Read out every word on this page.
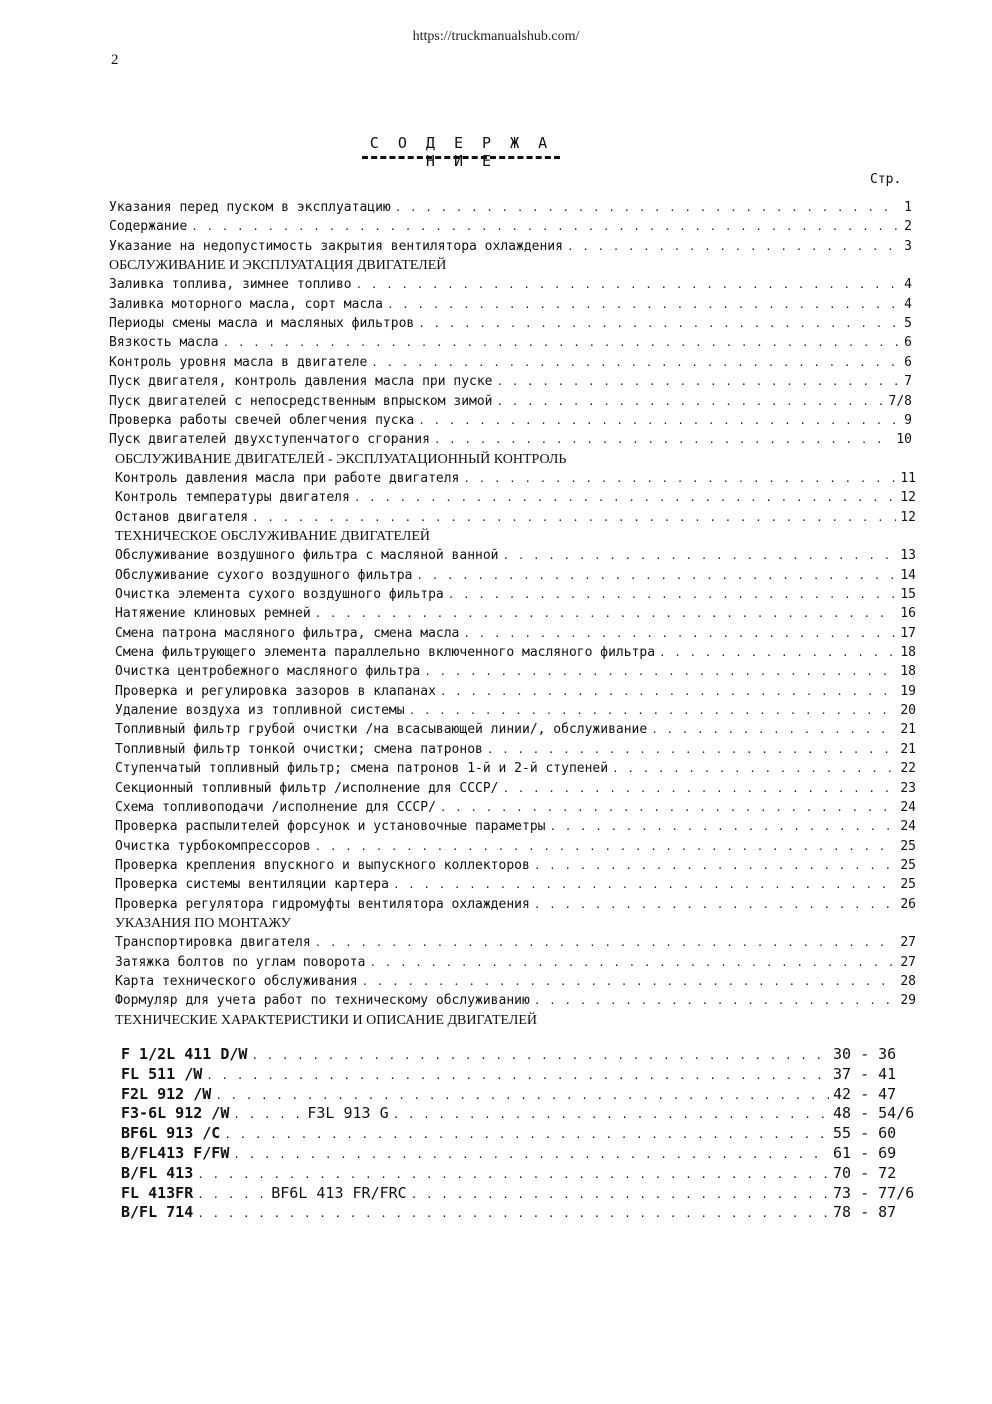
https://truckmanualshub.com/
2
С О Д Е Р Ж А Н И Е
Стр.
Указания перед пуском в эксплуатацию . . .	1
Содержание . . .	2
Указание на недопустимость закрытия вентилятора охлаждения . . .	3
ОБСЛУЖИВАНИЕ И ЭКСПЛУАТАЦИЯ ДВИГАТЕЛЕЙ
Заливка топлива, зимнее топливо . . .	4
Заливка моторного масла, сорт масла . . .	4
Периоды смены масла и масляных фильтров . . .	5
Вязкость масла . . .	6
Контроль уровня масла в двигателе . . .	6
Пуск двигателя, контроль давления масла при пуске . . .	7
Пуск двигателей с непосредственным впрыском зимой . . .	7/8
Проверка работы свечей облегчения пуска . . .	9
Пуск двигателей двухступенчатого сгорания . . .	10
ОБСЛУЖИВАНИЕ ДВИГАТЕЛЕЙ - ЭКСПЛУАТАЦИОННЫЙ КОНТРОЛЬ
Контроль давления масла при работе двигателя . . .	11
Контроль температуры двигателя . . .	12
Останов двигателя . . .	12
ТЕХНИЧЕСКОЕ ОБСЛУЖИВАНИЕ ДВИГАТЕЛЕЙ
Обслуживание воздушного фильтра с масляной ванной . . .	13
Обслуживание сухого воздушного фильтра . . .	14
Очистка элемента сухого воздушного фильтра . . .	15
Натяжение клиновых ремней . . .	16
Смена патрона масляного фильтра, смена масла . . .	17
Смена фильтрующего элемента параллельно включенного масляного фильтра . . .	18
Очистка центробежного масляного фильтра . . .	18
Проверка и регулировка зазоров в клапанах . . .	19
Удаление воздуха из топливной системы . . .	20
Топливный фильтр грубой очистки /на всасывающей линии/, обслуживание . . .	21
Топливный фильтр тонкой очистки; смена патронов . . .	21
Ступенчатый топливный фильтр; смена патронов 1-й и 2-й ступеней . . .	22
Секционный топливный фильтр /исполнение для СССР/ . . .	23
Схема топливоподачи /исполнение для СССР/ . . .	24
Проверка распылителей форсунок и установочные параметры . . .	24
Очистка турбокомпрессоров . . .	25
Проверка крепления впускного и выпускного коллекторов . . .	25
Проверка системы вентиляции картера . . .	25
Проверка регулятора гидромуфты вентилятора охлаждения . . .	26
УКАЗАНИЯ ПО МОНТАЖУ
Транспортировка двигателя . . .	27
Затяжка болтов по углам поворота . . .	27
Карта технического обслуживания . . .	28
Формуляр для учета работ по техническому обслуживанию . . .	29
ТЕХНИЧЕСКИЕ ХАРАКТЕРИСТИКИ И ОПИСАНИЕ ДВИГАТЕЛЕЙ
F 1/2L 411 D/W . . .	30 - 36
FL 511 /W . . .	37 - 41
F2L 912 /W . . .	42 - 47
F3-6L 912 /W . . .	F3L 913 G . . .	48 - 54/6
BF6L 913 /C . . .	55 - 60
B/FL413 F/FW . . .	61 - 69
B/FL 413 . . .	70 - 72
FL 413FR . . .	BF6L 413 FR/FRC . . .	73 - 77/6
B/FL 714 . . .	78 - 87
